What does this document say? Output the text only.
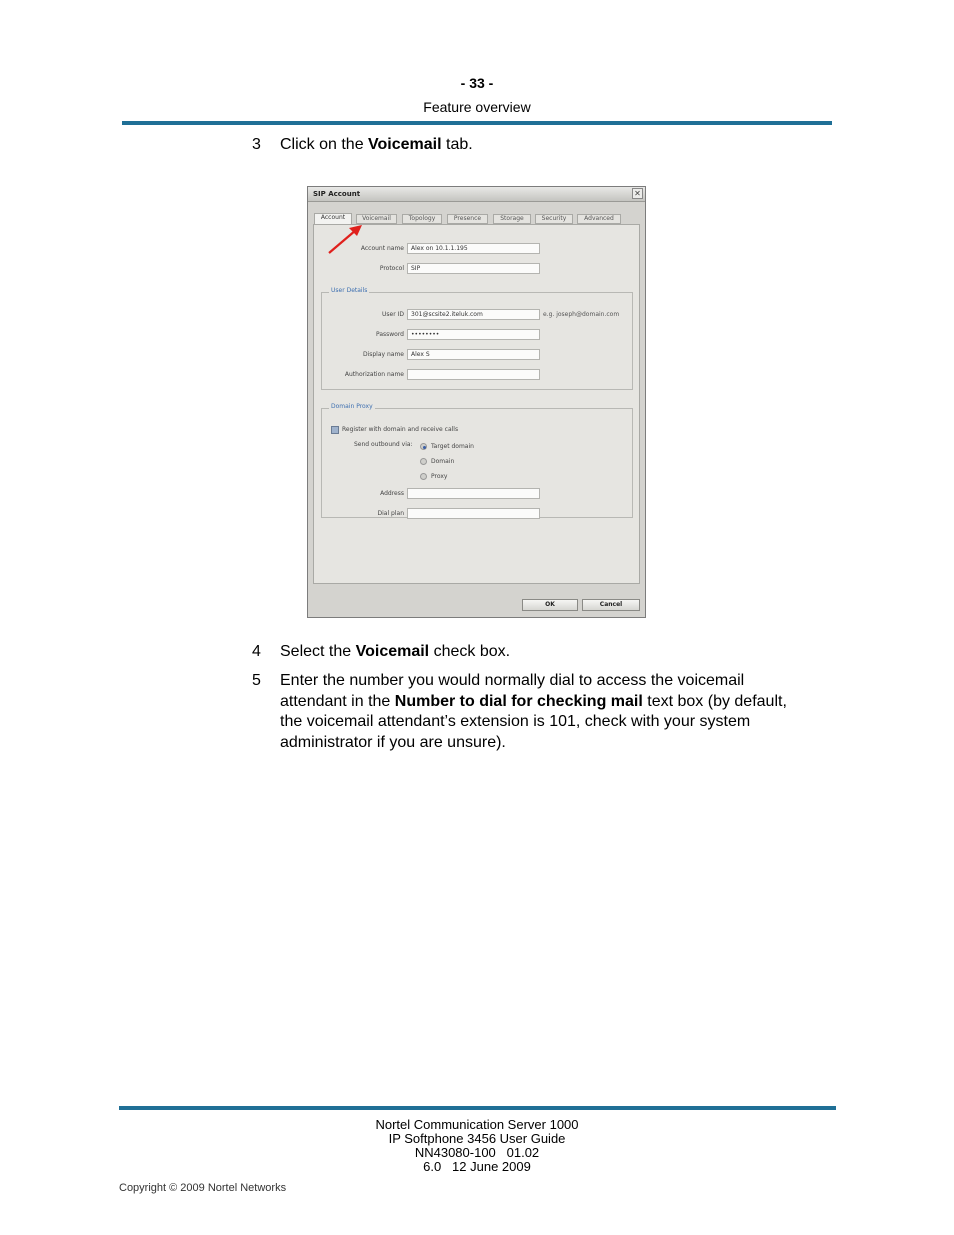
- 33 -
Feature overview
3	Click on the Voicemail tab.
SIP Account	✕
Account	Voicemail	Topology	Presence	Storage	Security	Advanced
Account name	Alex on 10.1.1.195
Protocol	SIP
User Details
User ID	301@scsite2.iteluk.com	e.g. joseph@domain.com
Password	••••••••
Display name	Alex S
Authorization name
Domain Proxy
Register with domain and receive calls
Send outbound via:	Target domain
Domain
Proxy
Address
Dial plan
OK	Cancel
4	Select the Voicemail check box.
5	Enter the number you would normally dial to access the voicemail
attendant in the Number to dial for checking mail text box (by default,
the voicemail attendant’s extension is 101, check with your system
administrator if you are unsure).
Nortel Communication Server 1000
IP Softphone 3456 User Guide
NN43080-100   01.02
6.0   12 June 2009
Copyright © 2009 Nortel Networks
